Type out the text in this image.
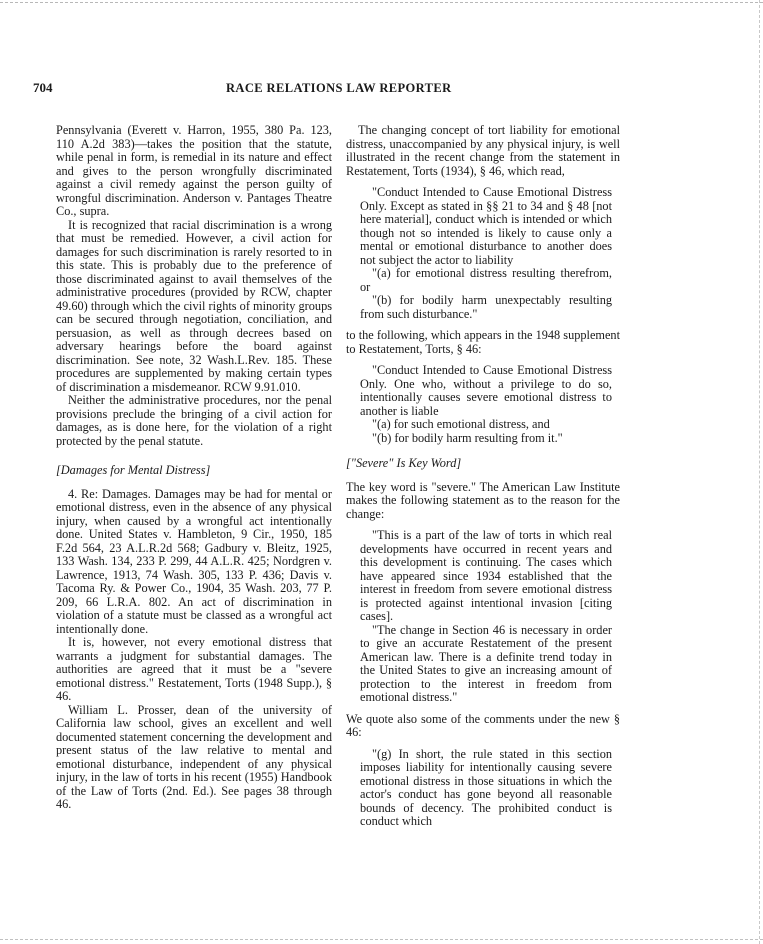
704	RACE RELATIONS LAW REPORTER

Pennsylvania (Everett v. Harron, 1955, 380 Pa. 123, 110 A.2d 383)—takes the position that the statute, while penal in form, is remedial in its nature and effect and gives to the person wrongfully discriminated against a civil remedy against the person guilty of wrongful discrimination. Anderson v. Pantages Theatre Co., supra.

It is recognized that racial discrimination is a wrong that must be remedied. However, a civil action for damages for such discrimination is rarely resorted to in this state. This is probably due to the preference of those discriminated against to avail themselves of the administrative procedures (provided by RCW, chapter 49.60) through which the civil rights of minority groups can be secured through negotiation, conciliation, and persuasion, as well as through decrees based on adversary hearings before the board against discrimination. See note, 32 Wash.L.Rev. 185. These procedures are supplemented by making certain types of discrimination a misdemeanor. RCW 9.91.010.

Neither the administrative procedures, nor the penal provisions preclude the bringing of a civil action for damages, as is done here, for the violation of a right protected by the penal statute.

[Damages for Mental Distress]

4. Re: Damages. Damages may be had for mental or emotional distress, even in the absence of any physical injury, when caused by a wrongful act intentionally done. United States v. Hambleton, 9 Cir., 1950, 185 F.2d 564, 23 A.L.R.2d 568; Gadbury v. Bleitz, 1925, 133 Wash. 134, 233 P. 299, 44 A.L.R. 425; Nordgren v. Lawrence, 1913, 74 Wash. 305, 133 P. 436; Davis v. Tacoma Ry. & Power Co., 1904, 35 Wash. 203, 77 P. 209, 66 L.R.A. 802. An act of discrimination in violation of a statute must be classed as a wrongful act intentionally done.

It is, however, not every emotional distress that warrants a judgment for substantial damages. The authorities are agreed that it must be a "severe emotional distress." Restatement, Torts (1948 Supp.), § 46.

William L. Prosser, dean of the university of California law school, gives an excellent and well documented statement concerning the development and present status of the law relative to mental and emotional disturbance, independent of any physical injury, in the law of torts in his recent (1955) Handbook of the Law of Torts (2nd. Ed.). See pages 38 through 46.

The changing concept of tort liability for emotional distress, unaccompanied by any physical injury, is well illustrated in the recent change from the statement in Restatement, Torts (1934), § 46, which read,

"Conduct Intended to Cause Emotional Distress Only. Except as stated in §§ 21 to 34 and § 48 [not here material], conduct which is intended or which though not so intended is likely to cause only a mental or emotional disturbance to another does not subject the actor to liability

"(a) for emotional distress resulting therefrom, or

"(b) for bodily harm unexpectably resulting from such disturbance."

to the following, which appears in the 1948 supplement to Restatement, Torts, § 46:

"Conduct Intended to Cause Emotional Distress Only. One who, without a privilege to do so, intentionally causes severe emotional distress to another is liable

"(a) for such emotional distress, and

"(b) for bodily harm resulting from it."

["Severe" Is Key Word]

The key word is "severe." The American Law Institute makes the following statement as to the reason for the change:

"This is a part of the law of torts in which real developments have occurred in recent years and this development is continuing. The cases which have appeared since 1934 established that the interest in freedom from severe emotional distress is protected against intentional invasion [citing cases].

"The change in Section 46 is necessary in order to give an accurate Restatement of the present American law. There is a definite trend today in the United States to give an increasing amount of protection to the interest in freedom from emotional distress."

We quote also some of the comments under the new § 46:

"(g) In short, the rule stated in this section imposes liability for intentionally causing severe emotional distress in those situations in which the actor's conduct has gone beyond all reasonable bounds of decency. The prohibited conduct is conduct which
